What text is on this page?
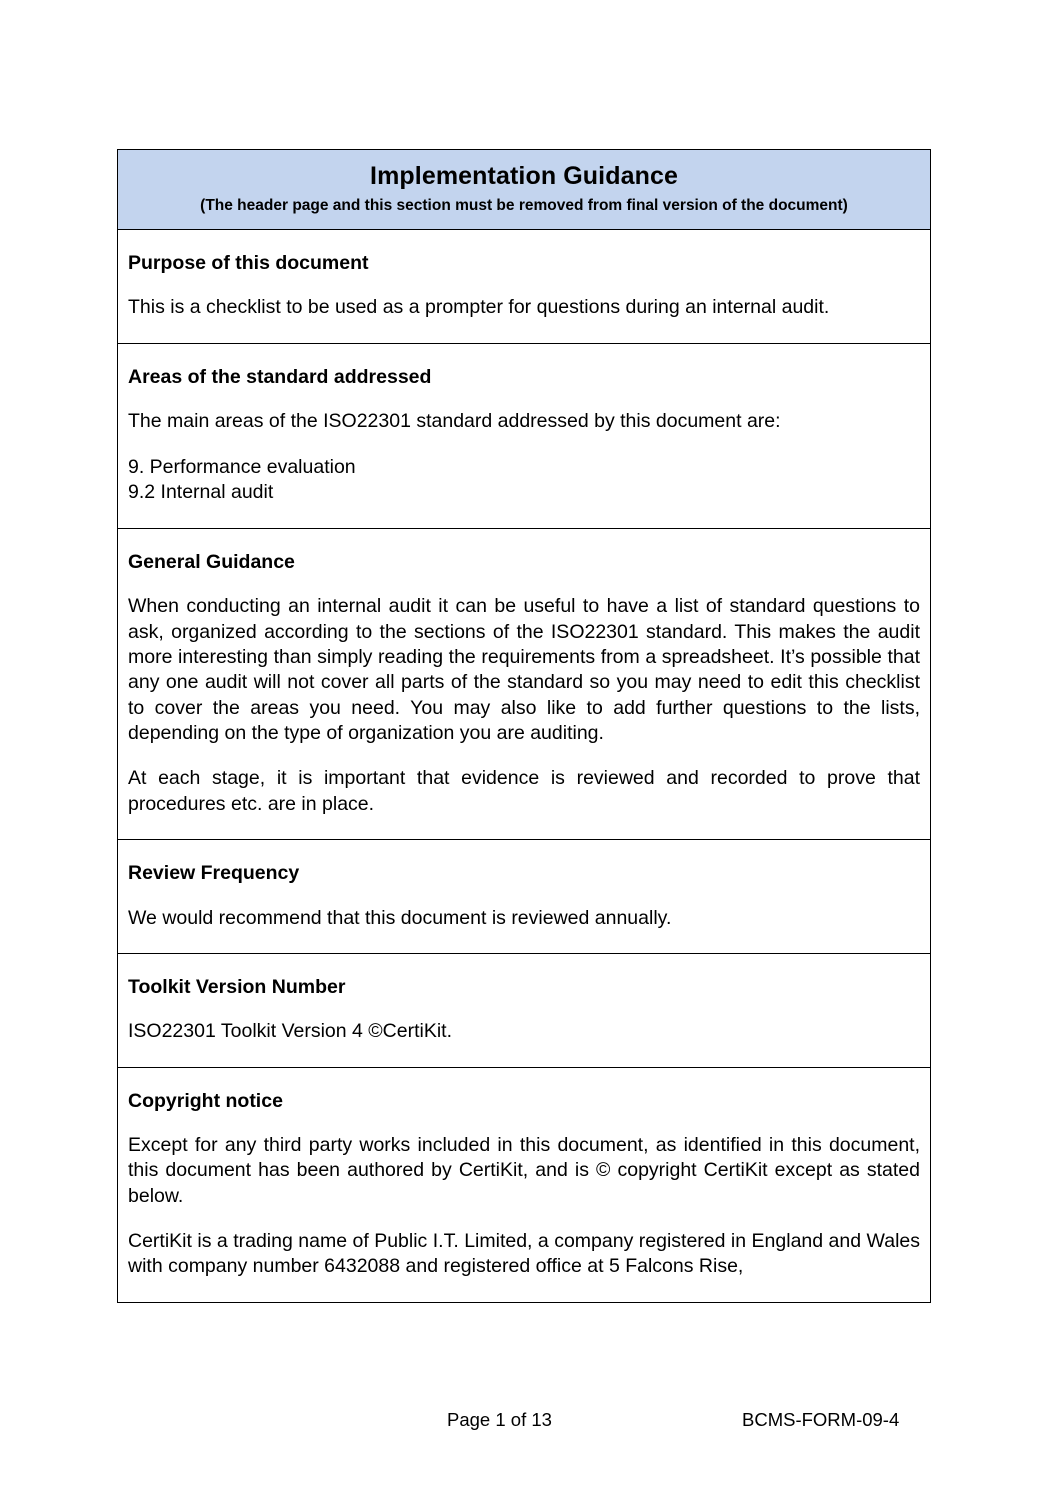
Implementation Guidance
(The header page and this section must be removed from final version of the document)
Purpose of this document

This is a checklist to be used as a prompter for questions during an internal audit.

Areas of the standard addressed

The main areas of the ISO22301 standard addressed by this document are:

9. Performance evaluation
9.2 Internal audit
General Guidance

When conducting an internal audit it can be useful to have a list of standard questions to ask, organized according to the sections of the ISO22301 standard. This makes the audit more interesting than simply reading the requirements from a spreadsheet. It’s possible that any one audit will not cover all parts of the standard so you may need to edit this checklist to cover the areas you need. You may also like to add further questions to the lists, depending on the type of organization you are auditing.

At each stage, it is important that evidence is reviewed and recorded to prove that procedures etc. are in place.

Review Frequency

We would recommend that this document is reviewed annually.

Toolkit Version Number

ISO22301 Toolkit Version 4 ©CertiKit.

Copyright notice

Except for any third party works included in this document, as identified in this document, this document has been authored by CertiKit, and is © copyright CertiKit except as stated below.

CertiKit is a trading name of Public I.T. Limited, a company registered in England and Wales with company number 6432088 and registered office at 5 Falcons Rise,

Page 1 of 13	BCMS-FORM-09-4
